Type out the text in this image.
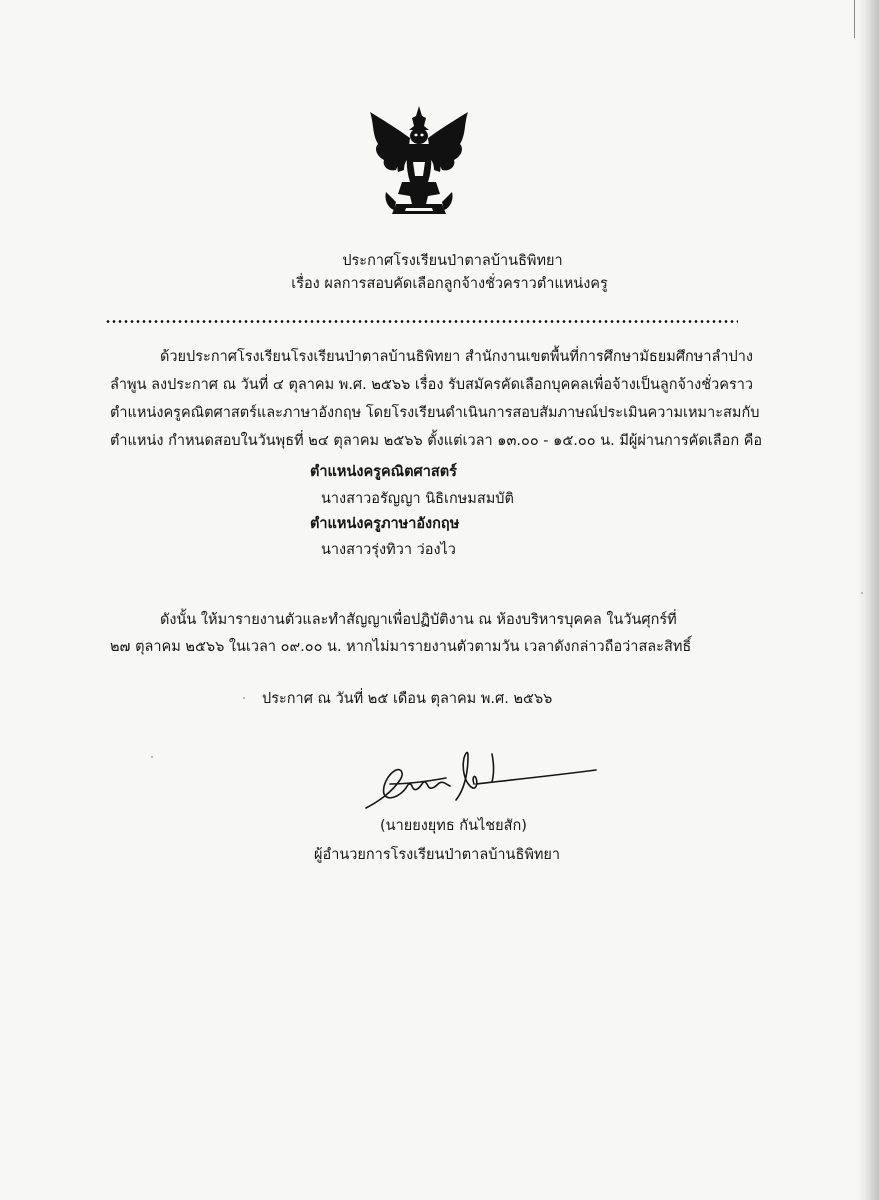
ประกาศโรงเรียนป่าตาลบ้านธิพิทยา
เรื่อง ผลการสอบคัดเลือกลูกจ้างชั่วคราวตำแหน่งครู
ด้วยประกาศโรงเรียนโรงเรียนป่าตาลบ้านธิพิทยา สำนักงานเขตพื้นที่การศึกษามัธยมศึกษาลำปาง
ลำพูน ลงประกาศ ณ วันที่ ๔ ตุลาคม พ.ศ. ๒๕๖๖ เรื่อง รับสมัครคัดเลือกบุคคลเพื่อจ้างเป็นลูกจ้างชั่วคราว
ตำแหน่งครูคณิตศาสตร์และภาษาอังกฤษ โดยโรงเรียนดำเนินการสอบสัมภาษณ์ประเมินความเหมาะสมกับ
ตำแหน่ง กำหนดสอบในวันพุธที่ ๒๔ ตุลาคม ๒๕๖๖ ตั้งแต่เวลา ๑๓.๐๐ - ๑๕.๐๐ น. มีผู้ผ่านการคัดเลือก คือ
ตำแหน่งครูคณิตศาสตร์
นางสาวอรัญญา นิธิเกษมสมบัติ
ตำแหน่งครูภาษาอังกฤษ
นางสาวรุ่งทิวา ว่องไว
ดังนั้น ให้มารายงานตัวและทำสัญญาเพื่อปฏิบัติงาน ณ ห้องบริหารบุคคล ในวันศุกร์ที่
๒๗ ตุลาคม ๒๕๖๖ ในเวลา ๐๙.๐๐ น. หากไม่มารายงานตัวตามวัน เวลาดังกล่าวถือว่าสละสิทธิ์
ประกาศ ณ วันที่ ๒๕ เดือน ตุลาคม พ.ศ. ๒๕๖๖
(นายยงยุทธ กันไชยสัก)
ผู้อำนวยการโรงเรียนป่าตาลบ้านธิพิทยา
